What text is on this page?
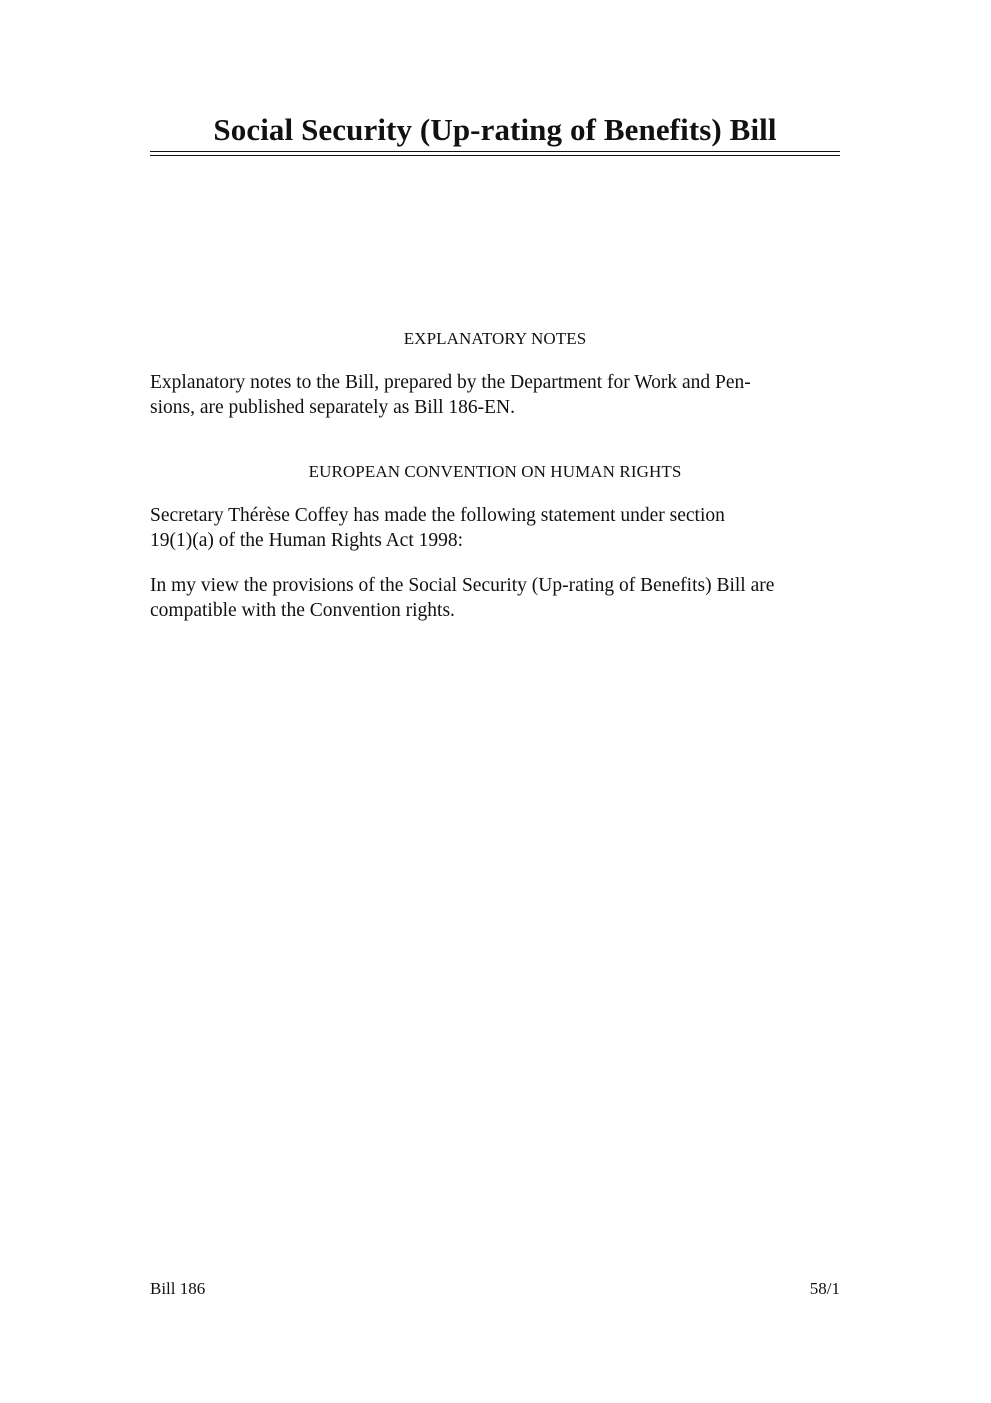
Social Security (Up-rating of Benefits) Bill
EXPLANATORY NOTES

Explanatory notes to the Bill, prepared by the Department for Work and Pen-
sions, are published separately as Bill 186-EN.

EUROPEAN CONVENTION ON HUMAN RIGHTS

Secretary Thérèse Coffey has made the following statement under section
19(1)(a) of the Human Rights Act 1998:

In my view the provisions of the Social Security (Up-rating of Benefits) Bill are
compatible with the Convention rights.

Bill 186	58/1
